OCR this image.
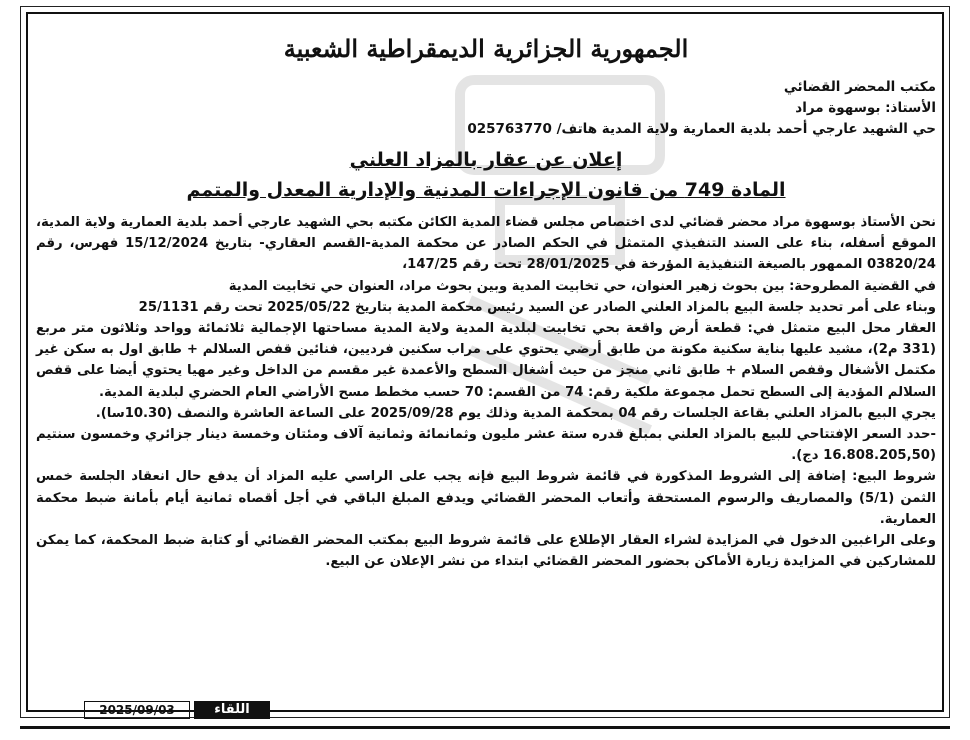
الجمهورية الجزائرية الديمقراطية الشعبية

مكتب المحضر القضائي

الأستاذ: بوسهوة مراد

حي الشهيد عارجي أحمد بلدية العمارية ولاية المدية هاتف/ 025763770

إعلان عن عقار بالمزاد العلني
المادة 749 من قانون الإجراءات المدنية والإدارية المعدل والمتمم

نحن الأستاذ بوسهوة مراد محضر قضائي لدى اختصاص مجلس قضاء المدية الكائن مكتبه بحي الشهيد عارجي أحمد بلدية العمارية ولاية المدية، الموقع أسفله، بناء على السند التنفيذي المتمثل في الحكم الصادر عن محكمة المدية-القسم العقاري- بتاريخ 15/12/2024 فهرس، رقم 03820/24 الممهور بالصيغة التنفيذية المؤرخة في 28/01/2025 تحت رقم 147/25،

في القضية المطروحة: بين بحوث زهير العنوان، حي تخابيت المدية وبين بحوث مراد، العنوان حي تخابيت المدية

وبناء على أمر تحديد جلسة البيع بالمزاد العلني الصادر عن السيد رئيس محكمة المدية بتاريخ 2025/05/22 تحت رقم 25/1131

العقار محل البيع متمثل في: قطعة أرض واقعة بحي تخابيت لبلدية المدية ولاية المدية مساحتها الإجمالية ثلاثمائة وواحد وثلاثون متر مربع (331 م2)، مشيد عليها بناية سكنية مكونة من طابق أرضي يحتوي على مراب سكنين فرديين، فنائين قفص السلالم + طابق اول به سكن غير مكتمل الأشغال وقفص السلام + طابق ثاني منجز من حيث أشغال السطح والأعمدة غير مقسم من الداخل وغير مهيا يحتوي أيضا على قفص السلالم المؤدية إلى السطح تحمل مجموعة ملكية رقم: 74 من القسم: 70 حسب مخطط مسح الأراضي العام الحضري لبلدية المدية.

يجري البيع بالمزاد العلني بقاعة الجلسات رقم 04 بمحكمة المدية وذلك يوم 2025/09/28 على الساعة العاشرة والنصف (10.30سا).

-حدد السعر الإفتتاحي للبيع بالمزاد العلني بمبلغ قدره ستة عشر مليون وثمانمائة وثمانية آلاف ومئتان وخمسة دينار جزائري وخمسون سنتيم (16.808.205,50 دج).

شروط البيع: إضافة إلى الشروط المذكورة في قائمة شروط البيع فإنه يجب على الراسي عليه المزاد أن يدفع حال انعقاد الجلسة خمس الثمن (5/1) والمصاريف والرسوم المستحقة وأتعاب المحضر القضائي ويدفع المبلغ الباقي في أجل أقصاه ثمانية أيام بأمانة ضبط محكمة العمارية.

وعلى الراغبين الدخول في المزايدة لشراء العقار الإطلاع على قائمة شروط البيع بمكتب المحضر القضائي أو كتابة ضبط المحكمة، كما يمكن للمشاركين في المزايدة زيارة الأماكن بحضور المحضر القضائي ابتداء من نشر الإعلان عن البيع.

اللقاء
2025/09/03
